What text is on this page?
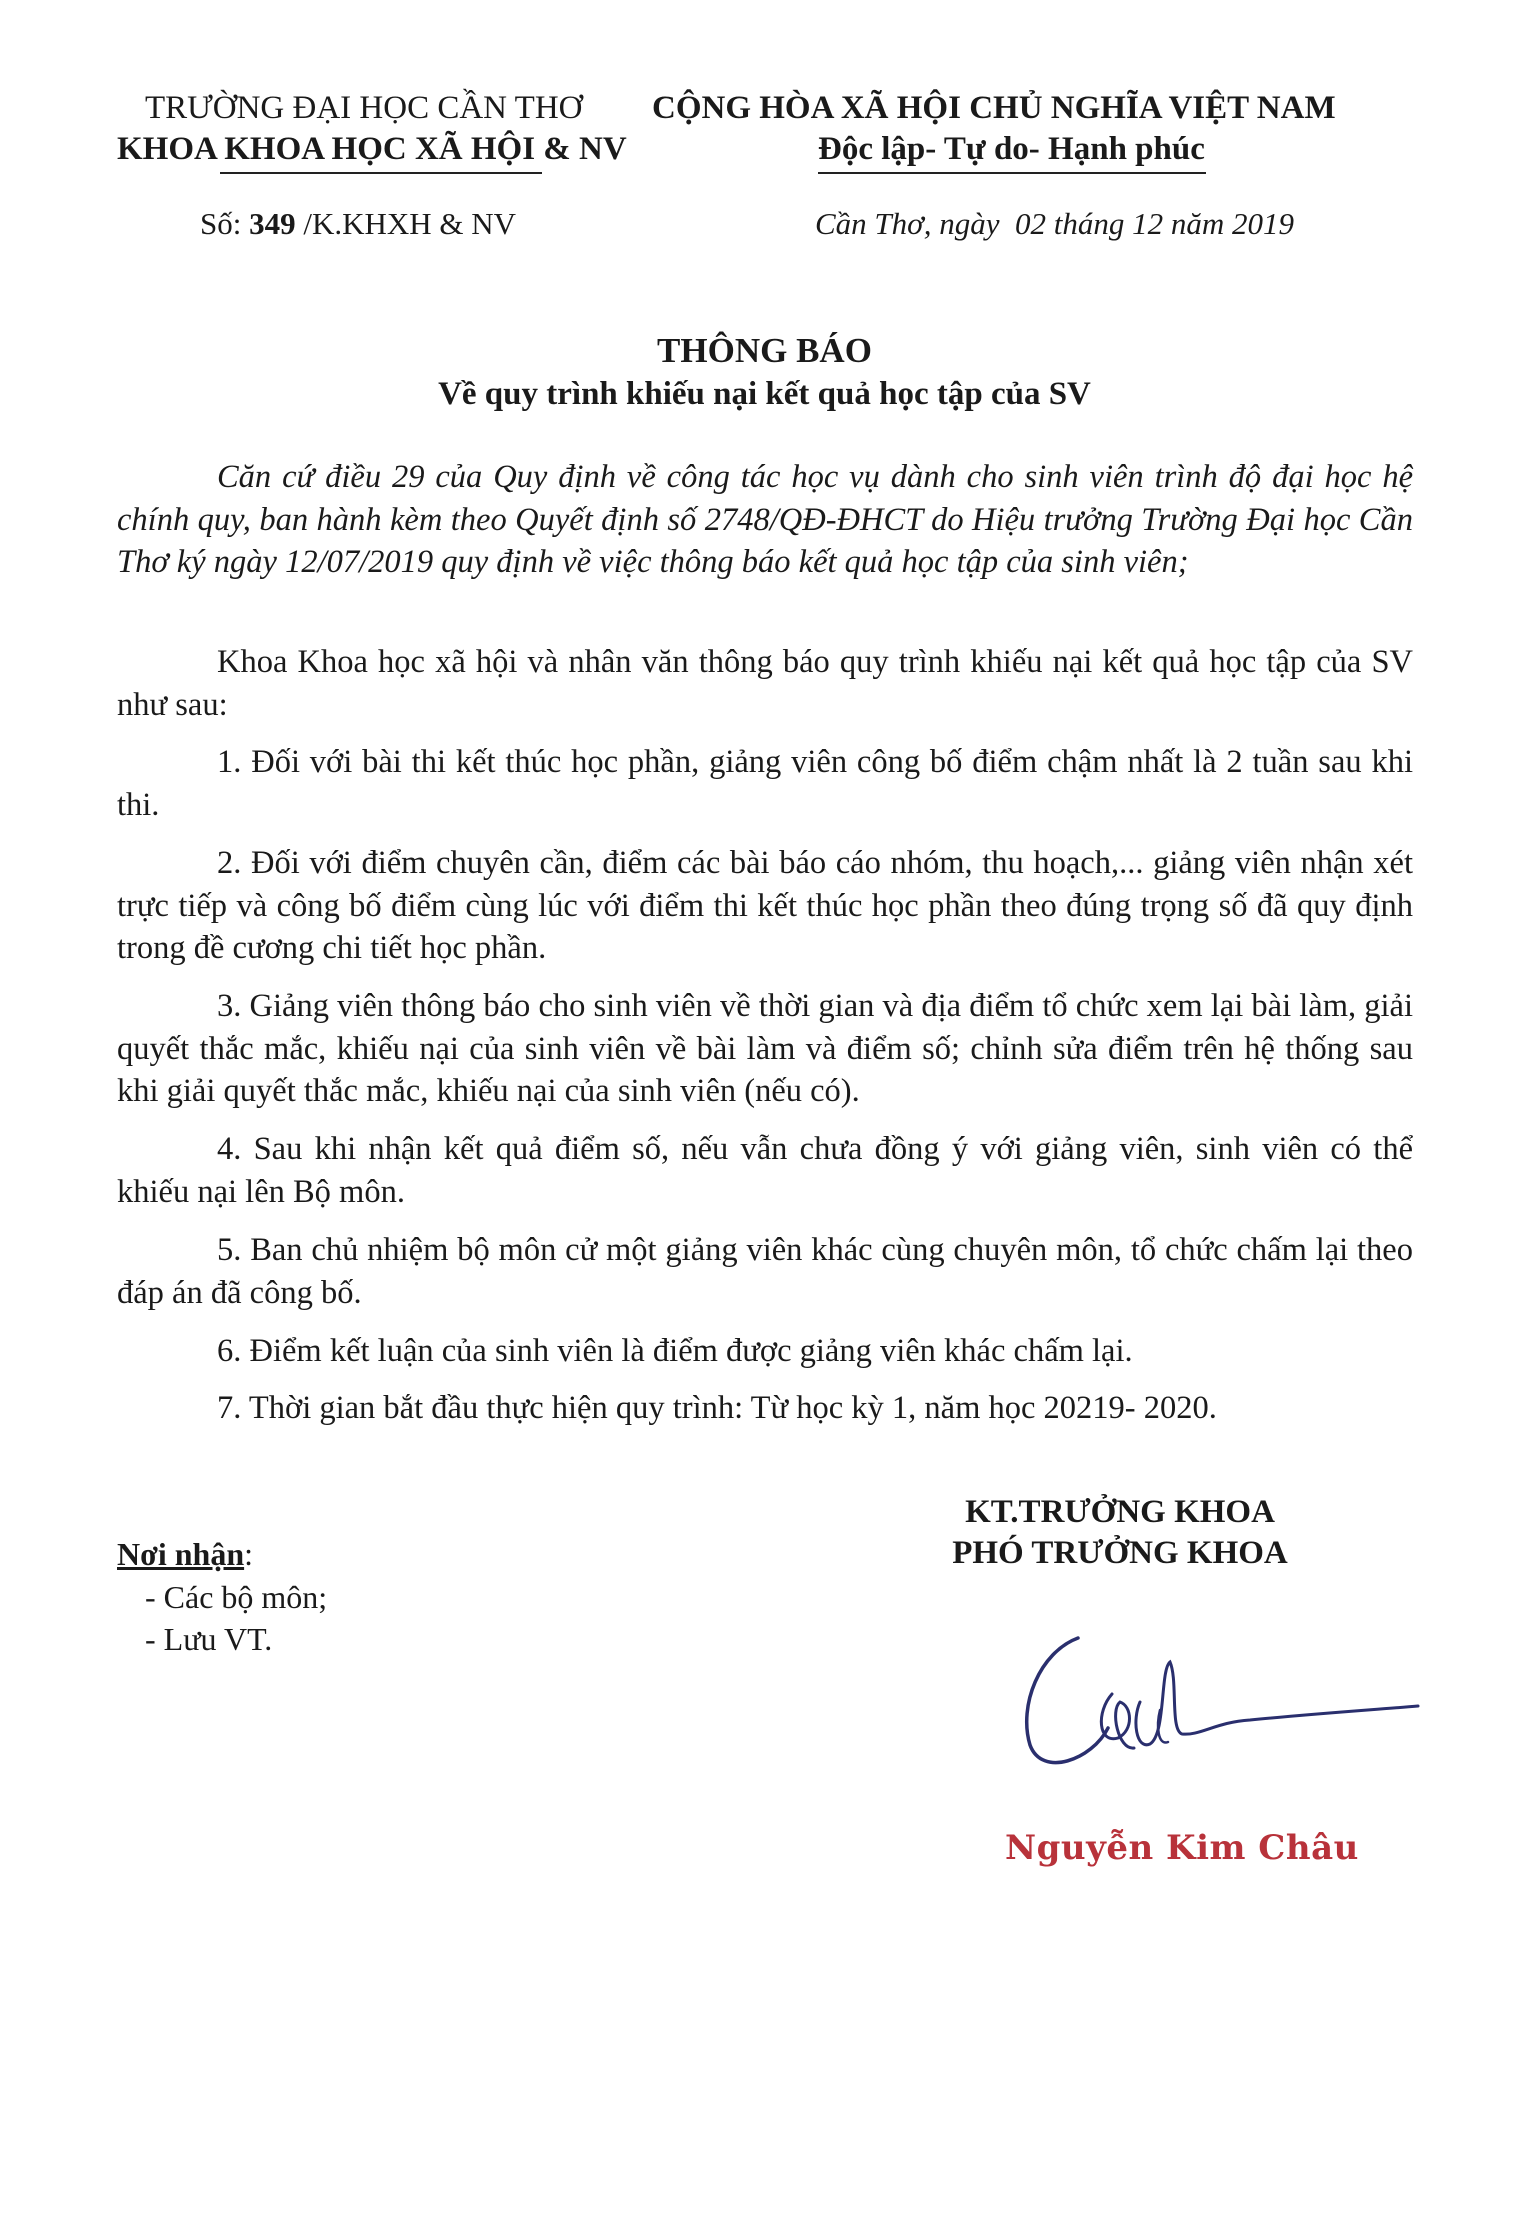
TRƯỜNG ĐẠI HỌC CẦN THƠ
KHOA KHOA HỌC XÃ HỘI & NV
CỘNG HÒA XÃ HỘI CHỦ NGHĨA VIỆT NAM
Độc lập- Tự do- Hạnh phúc
Số: 349 /K.KHXH & NV	Cần Thơ, ngày  02 tháng 12 năm 2019
THÔNG BÁO
Về quy trình khiếu nại kết quả học tập của SV
Căn cứ điều 29 của Quy định về công tác học vụ dành cho sinh viên trình độ đại học hệ chính quy, ban hành kèm theo Quyết định số 2748/QĐ-ĐHCT do Hiệu trưởng Trường Đại học Cần Thơ ký ngày 12/07/2019 quy định về việc thông báo kết quả học tập của sinh viên;
Khoa Khoa học xã hội và nhân văn thông báo quy trình khiếu nại kết quả học tập của SV như sau:
1. Đối với bài thi kết thúc học phần, giảng viên công bố điểm chậm nhất là 2 tuần sau khi thi.
2. Đối với điểm chuyên cần, điểm các bài báo cáo nhóm, thu hoạch,... giảng viên nhận xét trực tiếp và công bố điểm cùng lúc với điểm thi kết thúc học phần theo đúng trọng số đã quy định trong đề cương chi tiết học phần.
3. Giảng viên thông báo cho sinh viên về thời gian và địa điểm tổ chức xem lại bài làm, giải quyết thắc mắc, khiếu nại của sinh viên về bài làm và điểm số; chỉnh sửa điểm trên hệ thống sau khi giải quyết thắc mắc, khiếu nại của sinh viên (nếu có).
4. Sau khi nhận kết quả điểm số, nếu vẫn chưa đồng ý với giảng viên, sinh viên có thể khiếu nại lên Bộ môn.
5. Ban chủ nhiệm bộ môn cử một giảng viên khác cùng chuyên môn, tổ chức chấm lại theo đáp án đã công bố.
6. Điểm kết luận của sinh viên là điểm được giảng viên khác chấm lại.
7. Thời gian bắt đầu thực hiện quy trình: Từ học kỳ 1, năm học 20219- 2020.
KT.TRƯỞNG KHOA
PHÓ TRƯỞNG KHOA
Nơi nhận:
- Các bộ môn;
- Lưu VT.
Nguyễn Kim Châu
